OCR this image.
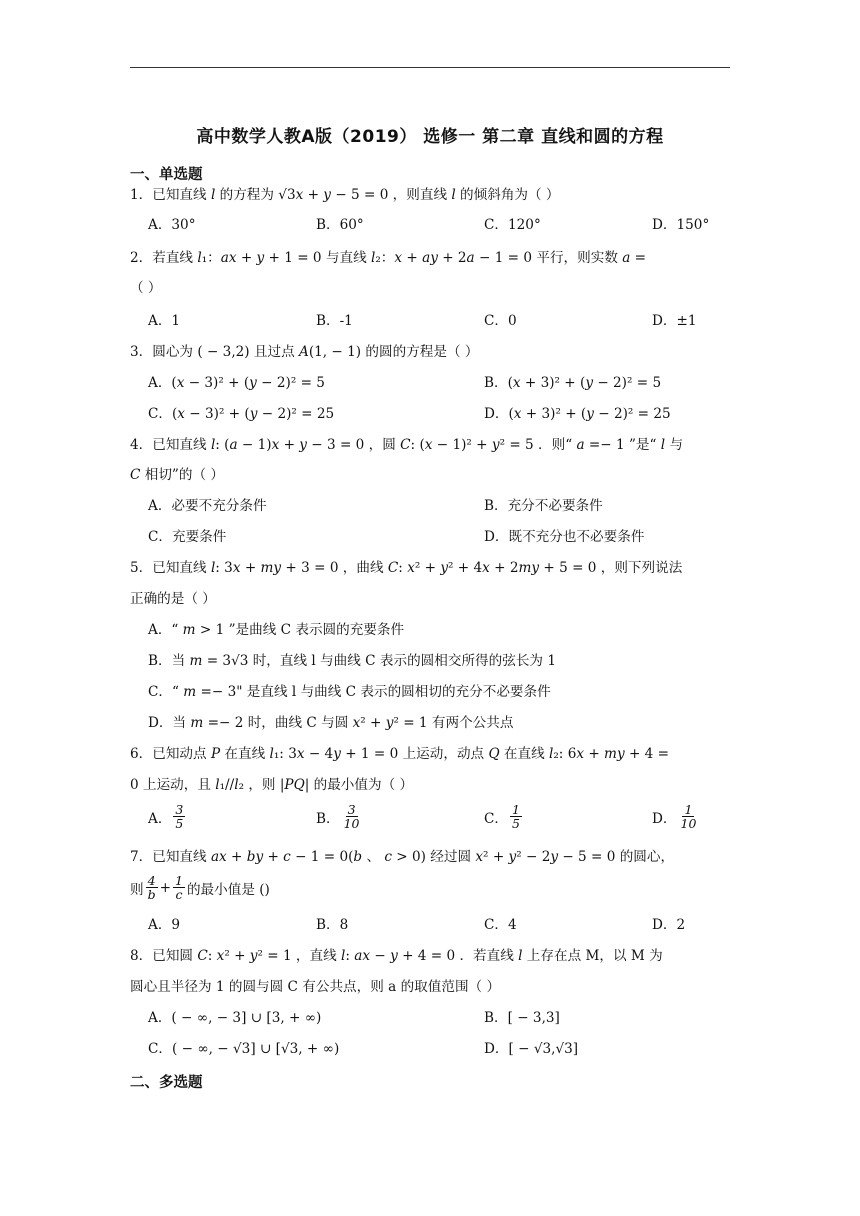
高中数学人教A版（2019） 选修一 第二章 直线和圆的方程
一、单选题
1．已知直线 𝑙 的方程为 √3𝑥 + 𝑦 − 5 = 0 ，则直线 𝑙 的倾斜角为（ ）
A．30°	B．60°	C．120°	D．150°
2．若直线 𝑙₁：𝑎𝑥 + 𝑦 + 1 = 0 与直线 𝑙₂：𝑥 + 𝑎𝑦 + 2𝑎 − 1 = 0 平行，则实数 𝑎 =
（ ）
A．1	B．-1	C．0	D．±1
3．圆心为 ( − 3,2) 且过点 𝐴(1, − 1) 的圆的方程是（ ）
A．(𝑥 − 3)² + (𝑦 − 2)² = 5	B．(𝑥 + 3)² + (𝑦 − 2)² = 5
C．(𝑥 − 3)² + (𝑦 − 2)² = 25	D．(𝑥 + 3)² + (𝑦 − 2)² = 25
4．已知直线 𝑙: (𝑎 − 1)𝑥 + 𝑦 − 3 = 0 ，圆 𝐶: (𝑥 − 1)² + 𝑦² = 5 ．则“ 𝑎 =− 1 ”是“ 𝑙 与
𝐶 相切”的（ ）
A．必要不充分条件	B．充分不必要条件
C．充要条件	D．既不充分也不必要条件
5．已知直线 𝑙: 3𝑥 + 𝑚𝑦 + 3 = 0 ，曲线 𝐶: 𝑥² + 𝑦² + 4𝑥 + 2𝑚𝑦 + 5 = 0 ，则下列说法
正确的是（ ）
A．“ 𝑚 > 1 ”是曲线 C 表示圆的充要条件
B．当 𝑚 = 3√3 时，直线 l 与曲线 C 表示的圆相交所得的弦长为 1
C．“ 𝑚 =− 3" 是直线 l 与曲线 C 表示的圆相切的充分不必要条件
D．当 𝑚 =− 2 时，曲线 C 与圆 𝑥² + 𝑦² = 1 有两个公共点
6．已知动点 𝑃 在直线 𝑙₁: 3𝑥 − 4𝑦 + 1 = 0 上运动，动点 𝑄 在直线 𝑙₂: 6𝑥 + 𝑚𝑦 + 4 =
0 上运动，且 𝑙₁//𝑙₂ ，则 |𝑃𝑄| 的最小值为（ ）
A． $\frac{3}{5}$	B． $\frac{3}{10}$	C． $\frac{1}{5}$	D． $\frac{1}{10}$
7．已知直线 𝑎𝑥 + 𝑏𝑦 + 𝑐 − 1 = 0(𝑏 、 𝑐 > 0) 经过圆 𝑥² + 𝑦² − 2𝑦 − 5 = 0 的圆心，
则 $\frac{4}{\text{𝑏}} + \frac{1}{\text{𝑐}}$ 的最小值是 ()
A．9	B．8	C．4	D．2
8．已知圆 𝐶: 𝑥² + 𝑦² = 1 ，直线 𝑙: 𝑎𝑥 − 𝑦 + 4 = 0 ．若直线 𝑙 上存在点 M，以 M 为
圆心且半径为 1 的圆与圆 C 有公共点，则 a 的取值范围（ ）
A．( − ∞, − 3] ∪ [3, + ∞)	B．[ − 3,3]
C．( − ∞, − √3] ∪ [√3, + ∞)	D．[ − √3,√3]
二、多选题
